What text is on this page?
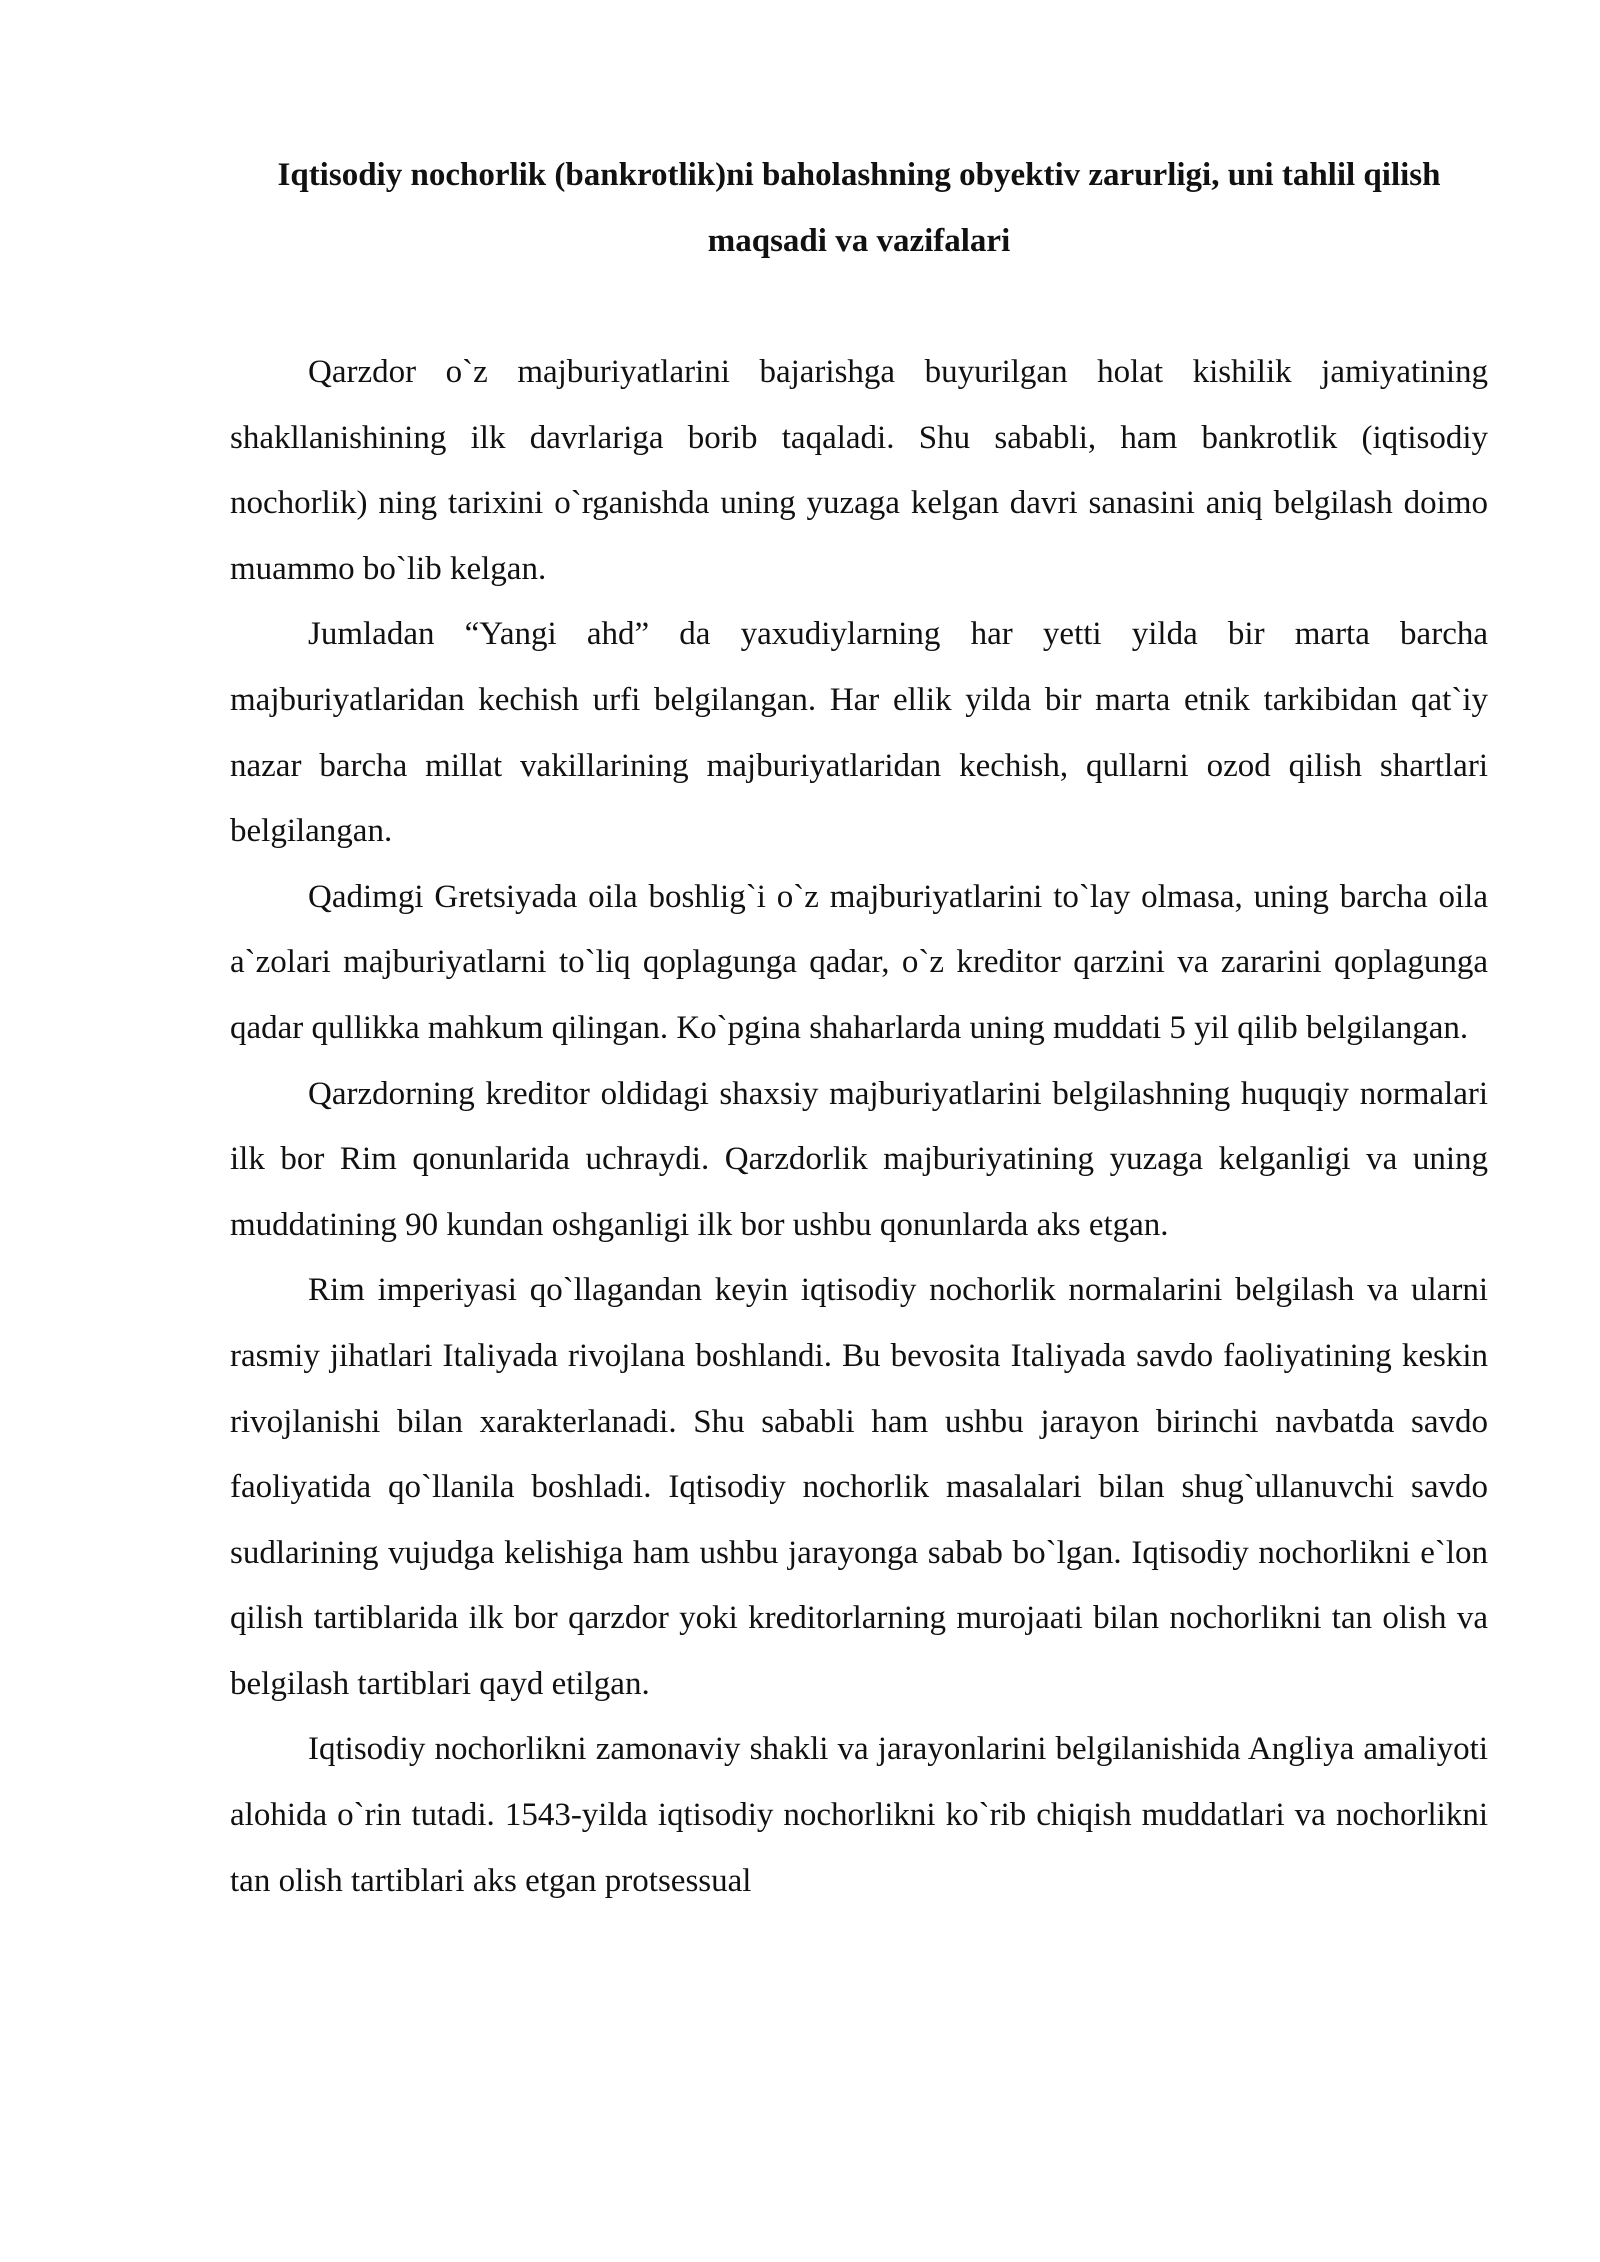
Iqtisodiy nochorlik (bankrotlik)ni baholashning obyektiv zarurligi, uni tahlil qilish maqsadi va vazifalari

Qarzdor o`z majburiyatlarini bajarishga buyurilgan holat kishilik jamiyatining shakllanishining ilk davrlariga borib taqaladi. Shu sababli, ham bankrotlik (iqtisodiy nochorlik) ning tarixini o`rganishda uning yuzaga kelgan davri sanasini aniq belgilash doimo muammo bo`lib kelgan.

Jumladan “Yangi ahd” da yaxudiylarning har yetti yilda bir marta barcha majburiyatlaridan kechish urfi belgilangan. Har ellik yilda bir marta etnik tarkibidan qat`iy nazar barcha millat vakillarining majburiyatlaridan kechish, qullarni ozod qilish shartlari belgilangan.

Qadimgi Gretsiyada oila boshlig`i o`z majburiyatlarini to`lay olmasa, uning barcha oila a`zolari majburiyatlarni to`liq qoplagunga qadar, o`z kreditor qarzini va zararini qoplagunga qadar qullikka mahkum qilingan. Ko`pgina shaharlarda uning muddati 5 yil qilib belgilangan.

Qarzdorning kreditor oldidagi shaxsiy majburiyatlarini belgilashning huquqiy normalari ilk bor Rim qonunlarida uchraydi. Qarzdorlik majburiyatining yuzaga kelganligi va uning muddatining 90 kundan oshganligi ilk bor ushbu qonunlarda aks etgan.

Rim imperiyasi qo`llagandan keyin iqtisodiy nochorlik normalarini belgilash va ularni rasmiy jihatlari Italiyada rivojlana boshlandi. Bu bevosita Italiyada savdo faoliyatining keskin rivojlanishi bilan xarakterlanadi. Shu sababli ham ushbu jarayon birinchi navbatda savdo faoliyatida qo`llanila boshladi. Iqtisodiy nochorlik masalalari bilan shug`ullanuvchi savdo sudlarining vujudga kelishiga ham ushbu jarayonga sabab bo`lgan. Iqtisodiy nochorlikni e`lon qilish tartiblarida ilk bor qarzdor yoki kreditorlarning murojaati bilan nochorlikni tan olish va belgilash tartiblari qayd etilgan.

Iqtisodiy nochorlikni zamonaviy shakli va jarayonlarini belgilanishida Angliya amaliyoti alohida o`rin tutadi. 1543-yilda iqtisodiy nochorlikni ko`rib chiqish muddatlari va nochorlikni tan olish tartiblari aks etgan protsessual
